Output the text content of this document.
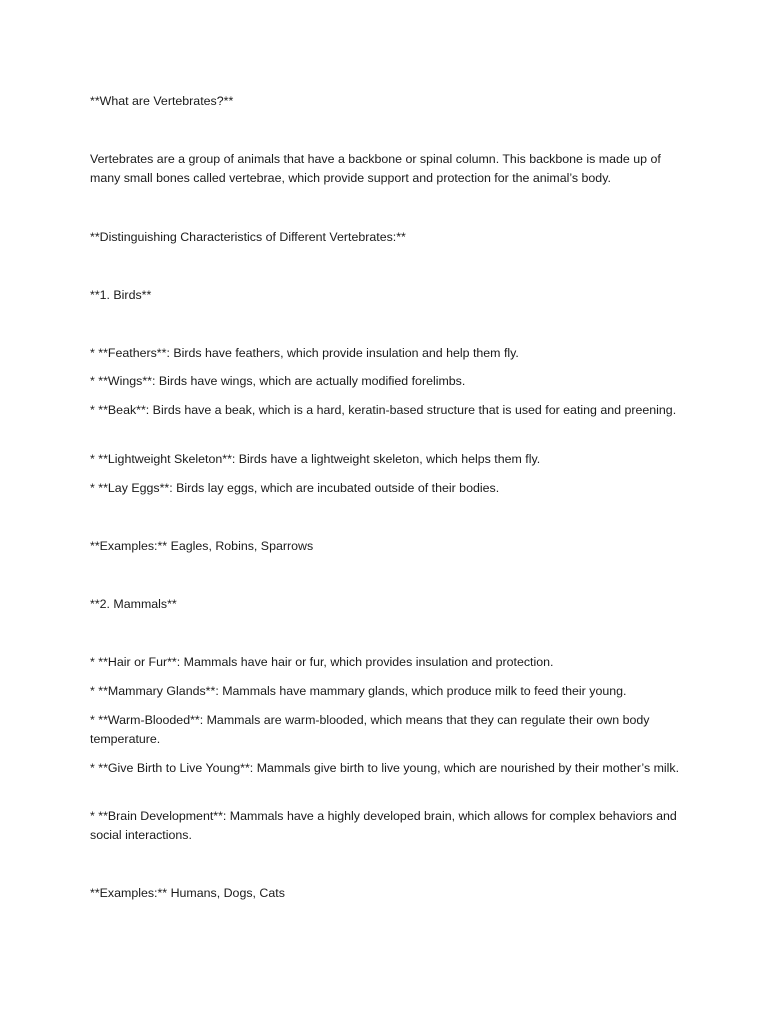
**What are Vertebrates?**
Vertebrates are a group of animals that have a backbone or spinal column. This backbone is made up of many small bones called vertebrae, which provide support and protection for the animal’s body.
**Distinguishing Characteristics of Different Vertebrates:**
**1. Birds**
* **Feathers**: Birds have feathers, which provide insulation and help them fly.
* **Wings**: Birds have wings, which are actually modified forelimbs.
* **Beak**: Birds have a beak, which is a hard, keratin-based structure that is used for eating and preening.
* **Lightweight Skeleton**: Birds have a lightweight skeleton, which helps them fly.
* **Lay Eggs**: Birds lay eggs, which are incubated outside of their bodies.
**Examples:** Eagles, Robins, Sparrows
**2. Mammals**
* **Hair or Fur**: Mammals have hair or fur, which provides insulation and protection.
* **Mammary Glands**: Mammals have mammary glands, which produce milk to feed their young.
* **Warm-Blooded**: Mammals are warm-blooded, which means that they can regulate their own body temperature.
* **Give Birth to Live Young**: Mammals give birth to live young, which are nourished by their mother’s milk.
* **Brain Development**: Mammals have a highly developed brain, which allows for complex behaviors and social interactions.
**Examples:** Humans, Dogs, Cats
